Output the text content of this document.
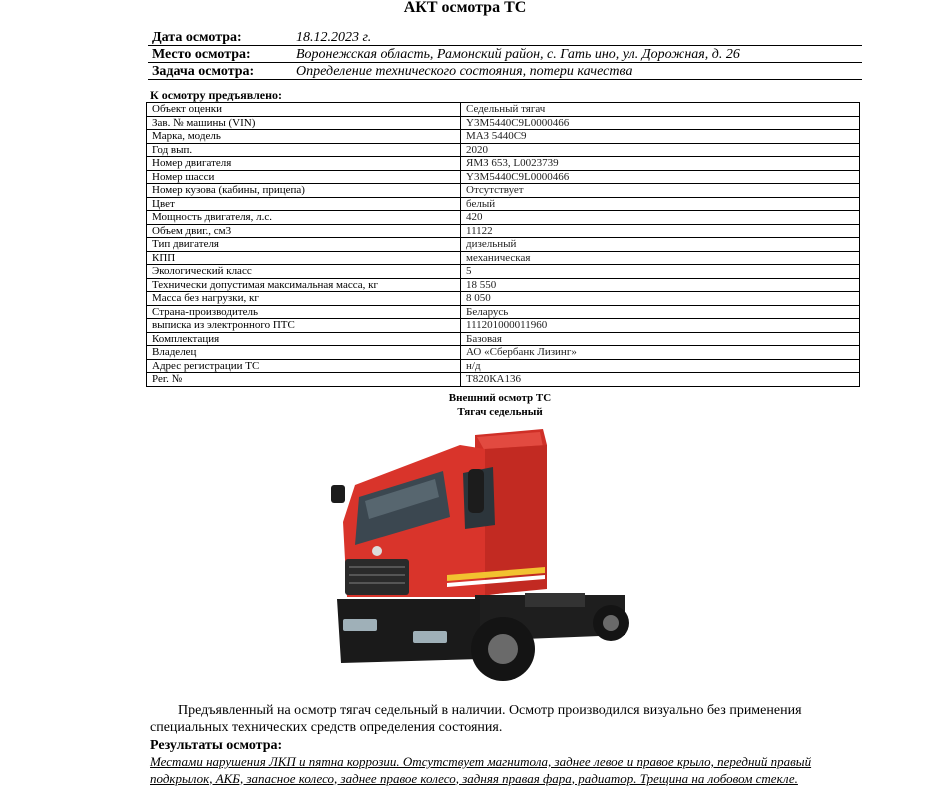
АКТ осмотра ТС
Дата осмотра:	18.12.2023 г.
Место осмотра:	Воронежская область, Рамонский район, с. Гать ино, ул. Дорожная, д. 26
Задача осмотра:	Определение технического состояния, потери качества
К осмотру предъявлено:
Объект оценки	Седельный тягач
Зав. № машины (VIN)	Y3M5440C9L0000466
Марка, модель	МАЗ 5440С9
Год вып.	2020
Номер двигателя	ЯМЗ 653, L0023739
Номер шасси	Y3M5440C9L0000466
Номер кузова (кабины, прицепа)	Отсутствует
Цвет	белый
Мощность двигателя, л.с.	420
Объем двиг., см3	11122
Тип двигателя	дизельный
КПП	механическая
Экологический класс	5
Технически допустимая максимальная масса, кг	18 550
Масса без нагрузки, кг	8 050
Страна-производитель	Беларусь
выписка из электронного ПТС	111201000011960
Комплектация	Базовая
Владелец	АО «Сбербанк Лизинг»
Адрес регистрации ТС	н/д
Рег. №	Т820КА136
Внешний осмотр ТС
Тягач седельный
Предъявленный на осмотр тягач седельный в наличии. Осмотр производился визуально без применения специальных технических средств определения состояния.
Результаты осмотра:
Местами нарушения ЛКП и пятна коррозии. Отсутствует магнитола, заднее левое и правое крыло, передний правый подкрылок, АКБ, запасное колесо, заднее правое колесо, задняя правая фара, радиатор. Трещина на лобовом стекле.
